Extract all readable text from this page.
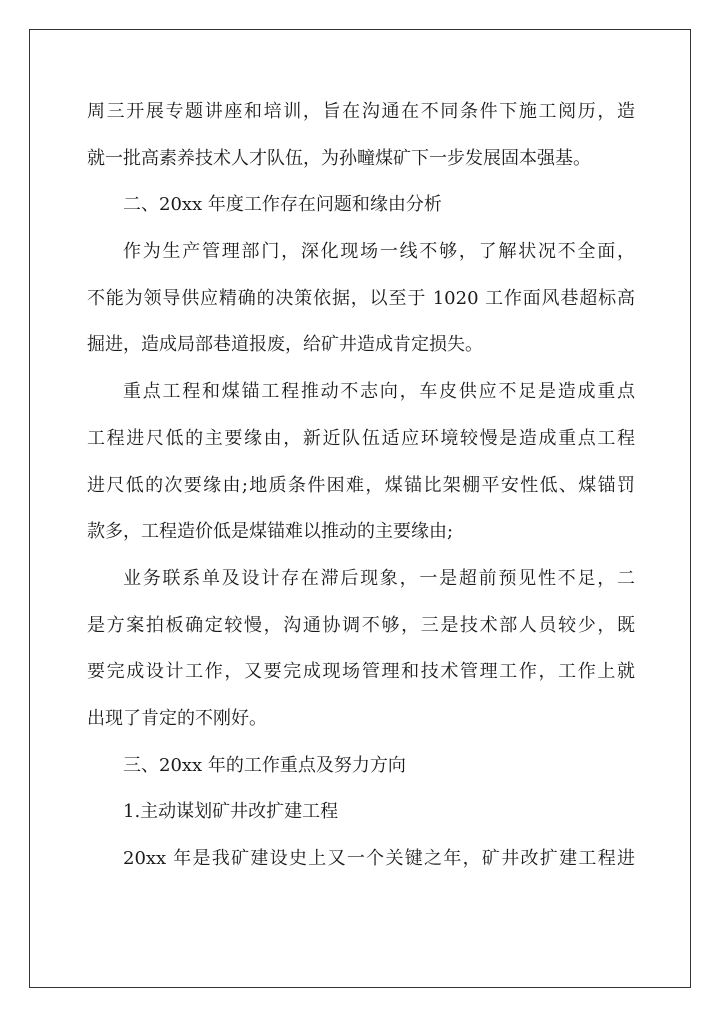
周三开展专题讲座和培训，旨在沟通在不同条件下施工阅历，造
就一批高素养技术人才队伍，为孙疃煤矿下一步发展固本强基。
二、20xx 年度工作存在问题和缘由分析
作为生产管理部门，深化现场一线不够，了解状况不全面，
不能为领导供应精确的决策依据，以至于 1020 工作面风巷超标高
掘进，造成局部巷道报废，给矿井造成肯定损失。
重点工程和煤锚工程推动不志向，车皮供应不足是造成重点
工程进尺低的主要缘由，新近队伍适应环境较慢是造成重点工程
进尺低的次要缘由;地质条件困难，煤锚比架棚平安性低、煤锚罚
款多，工程造价低是煤锚难以推动的主要缘由;
业务联系单及设计存在滞后现象，一是超前预见性不足，二
是方案拍板确定较慢，沟通协调不够，三是技术部人员较少，既
要完成设计工作，又要完成现场管理和技术管理工作，工作上就
出现了肯定的不刚好。
三、20xx 年的工作重点及努力方向
1.主动谋划矿井改扩建工程
20xx 年是我矿建设史上又一个关键之年，矿井改扩建工程进
